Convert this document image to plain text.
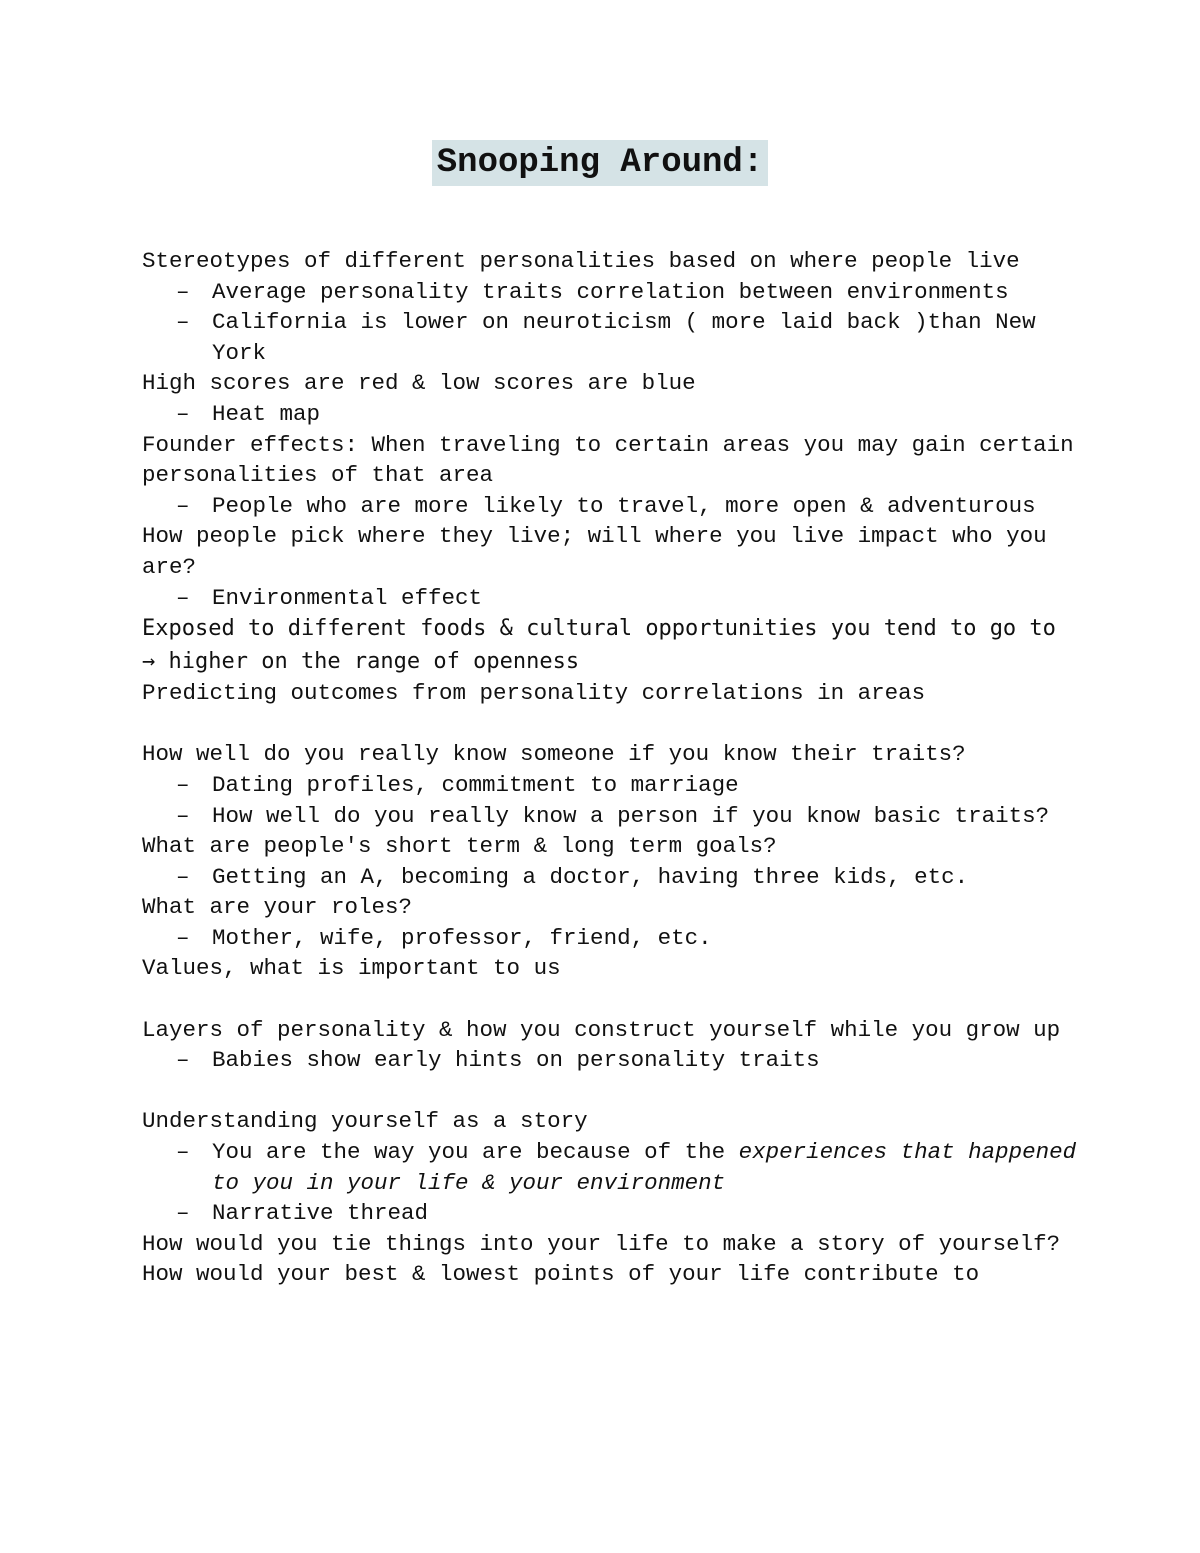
Snooping Around:
Stereotypes of different personalities based on where people live
– Average personality traits correlation between environments
– California is lower on neuroticism ( more laid back )than New York
High scores are red & low scores are blue
– Heat map
Founder effects: When traveling to certain areas you may gain certain personalities of that area
– People who are more likely to travel, more open & adventurous
How people pick where they live; will where you live impact who you are?
– Environmental effect
Exposed to different foods & cultural opportunities you tend to go to → higher on the range of openness
Predicting outcomes from personality correlations in areas
How well do you really know someone if you know their traits?
– Dating profiles, commitment to marriage
– How well do you really know a person if you know basic traits?
What are people's short term & long term goals?
– Getting an A, becoming a doctor, having three kids, etc.
What are your roles?
– Mother, wife, professor, friend, etc.
Values, what is important to us
Layers of personality & how you construct yourself while you grow up
– Babies show early hints on personality traits
Understanding yourself as a story
– You are the way you are because of the experiences that happened to you in your life & your environment
– Narrative thread
How would you tie things into your life to make a story of yourself?
How would your best & lowest points of your life contribute to
